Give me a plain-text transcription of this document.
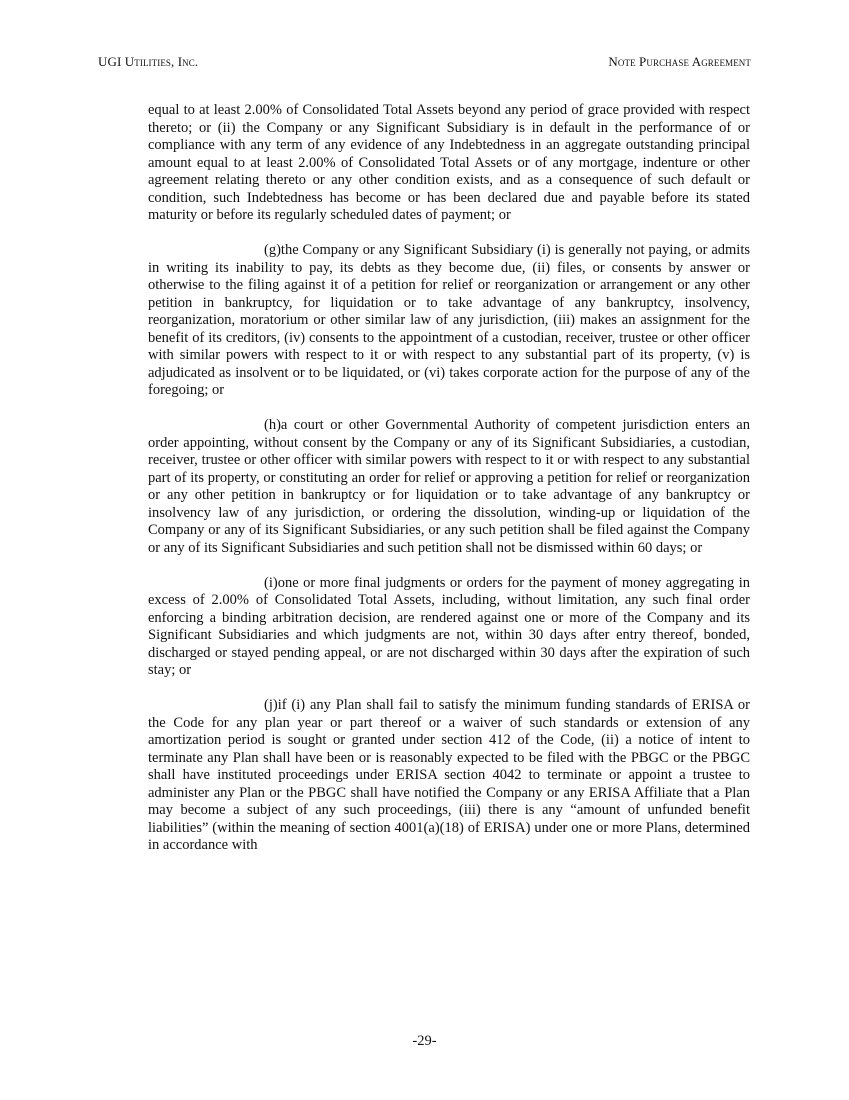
UGI Utilities, Inc.	Note Purchase Agreement

equal to at least 2.00% of Consolidated Total Assets beyond any period of grace provided with respect thereto; or (ii) the Company or any Significant Subsidiary is in default in the performance of or compliance with any term of any evidence of any Indebtedness in an aggregate outstanding principal amount equal to at least 2.00% of Consolidated Total Assets or of any mortgage, indenture or other agreement relating thereto or any other condition exists, and as a consequence of such default or condition, such Indebtedness has become or has been declared due and payable before its stated maturity or before its regularly scheduled dates of payment; or

(g)the Company or any Significant Subsidiary (i) is generally not paying, or admits in writing its inability to pay, its debts as they become due, (ii) files, or consents by answer or otherwise to the filing against it of a petition for relief or reorganization or arrangement or any other petition in bankruptcy, for liquidation or to take advantage of any bankruptcy, insolvency, reorganization, moratorium or other similar law of any jurisdiction, (iii) makes an assignment for the benefit of its creditors, (iv) consents to the appointment of a custodian, receiver, trustee or other officer with similar powers with respect to it or with respect to any substantial part of its property, (v) is adjudicated as insolvent or to be liquidated, or (vi) takes corporate action for the purpose of any of the foregoing; or

(h)a court or other Governmental Authority of competent jurisdiction enters an order appointing, without consent by the Company or any of its Significant Subsidiaries, a custodian, receiver, trustee or other officer with similar powers with respect to it or with respect to any substantial part of its property, or constituting an order for relief or approving a petition for relief or reorganization or any other petition in bankruptcy or for liquidation or to take advantage of any bankruptcy or insolvency law of any jurisdiction, or ordering the dissolution, winding-up or liquidation of the Company or any of its Significant Subsidiaries, or any such petition shall be filed against the Company or any of its Significant Subsidiaries and such petition shall not be dismissed within 60 days; or

(i)one or more final judgments or orders for the payment of money aggregating in excess of 2.00% of Consolidated Total Assets, including, without limitation, any such final order enforcing a binding arbitration decision, are rendered against one or more of the Company and its Significant Subsidiaries and which judgments are not, within 30 days after entry thereof, bonded, discharged or stayed pending appeal, or are not discharged within 30 days after the expiration of such stay; or

(j)if (i) any Plan shall fail to satisfy the minimum funding standards of ERISA or the Code for any plan year or part thereof or a waiver of such standards or extension of any amortization period is sought or granted under section 412 of the Code, (ii) a notice of intent to terminate any Plan shall have been or is reasonably expected to be filed with the PBGC or the PBGC shall have instituted proceedings under ERISA section 4042 to terminate or appoint a trustee to administer any Plan or the PBGC shall have notified the Company or any ERISA Affiliate that a Plan may become a subject of any such proceedings, (iii) there is any “amount of unfunded benefit liabilities” (within the meaning of section 4001(a)(18) of ERISA) under one or more Plans, determined in accordance with

-29-
